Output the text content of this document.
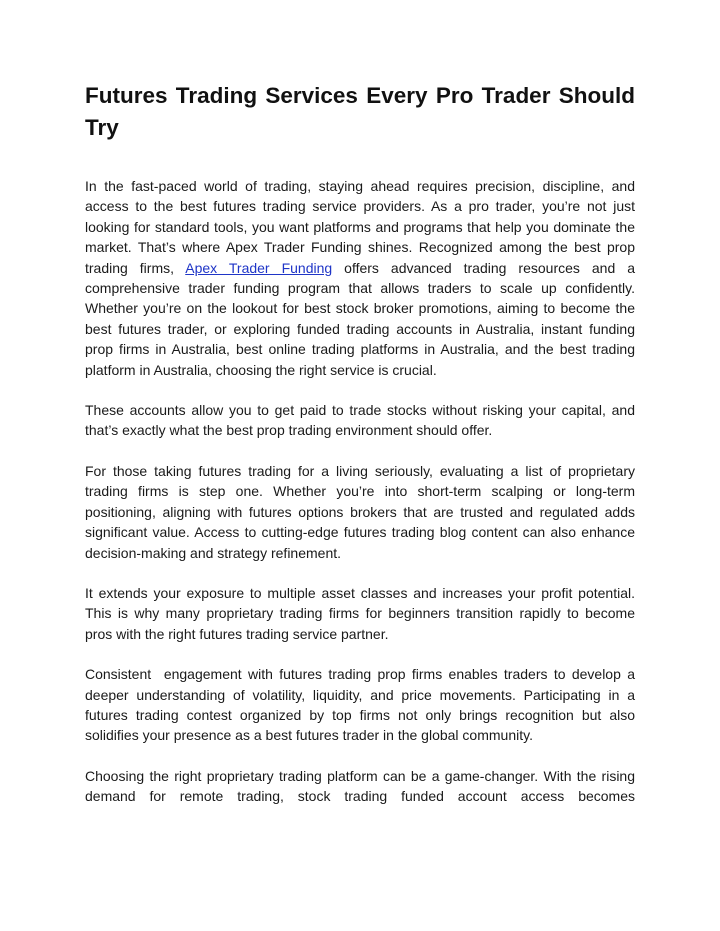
Futures Trading Services Every Pro Trader Should Try

In the fast-paced world of trading, staying ahead requires precision, discipline, and access to the best futures trading service providers. As a pro trader, you’re not just looking for standard tools, you want platforms and programs that help you dominate the market. That’s where Apex Trader Funding shines. Recognized among the best prop trading firms, Apex Trader Funding offers advanced trading resources and a comprehensive trader funding program that allows traders to scale up confidently. Whether you’re on the lookout for best stock broker promotions, aiming to become the best futures trader, or exploring funded trading accounts in Australia, instant funding prop firms in Australia, best online trading platforms in Australia, and the best trading platform in Australia, choosing the right service is crucial.

These accounts allow you to get paid to trade stocks without risking your capital, and that’s exactly what the best prop trading environment should offer.

For those taking futures trading for a living seriously, evaluating a list of proprietary trading firms is step one. Whether you’re into short-term scalping or long-term positioning, aligning with futures options brokers that are trusted and regulated adds significant value. Access to cutting-edge futures trading blog content can also enhance decision-making and strategy refinement.

It extends your exposure to multiple asset classes and increases your profit potential. This is why many proprietary trading firms for beginners transition rapidly to become pros with the right futures trading service partner.

Consistent  engagement with futures trading prop firms enables traders to develop a deeper understanding of volatility, liquidity, and price movements. Participating in a futures trading contest organized by top firms not only brings recognition but also solidifies your presence as a best futures trader in the global community.

Choosing the right proprietary trading platform can be a game-changer. With the rising demand for remote trading, stock trading funded account access becomes
